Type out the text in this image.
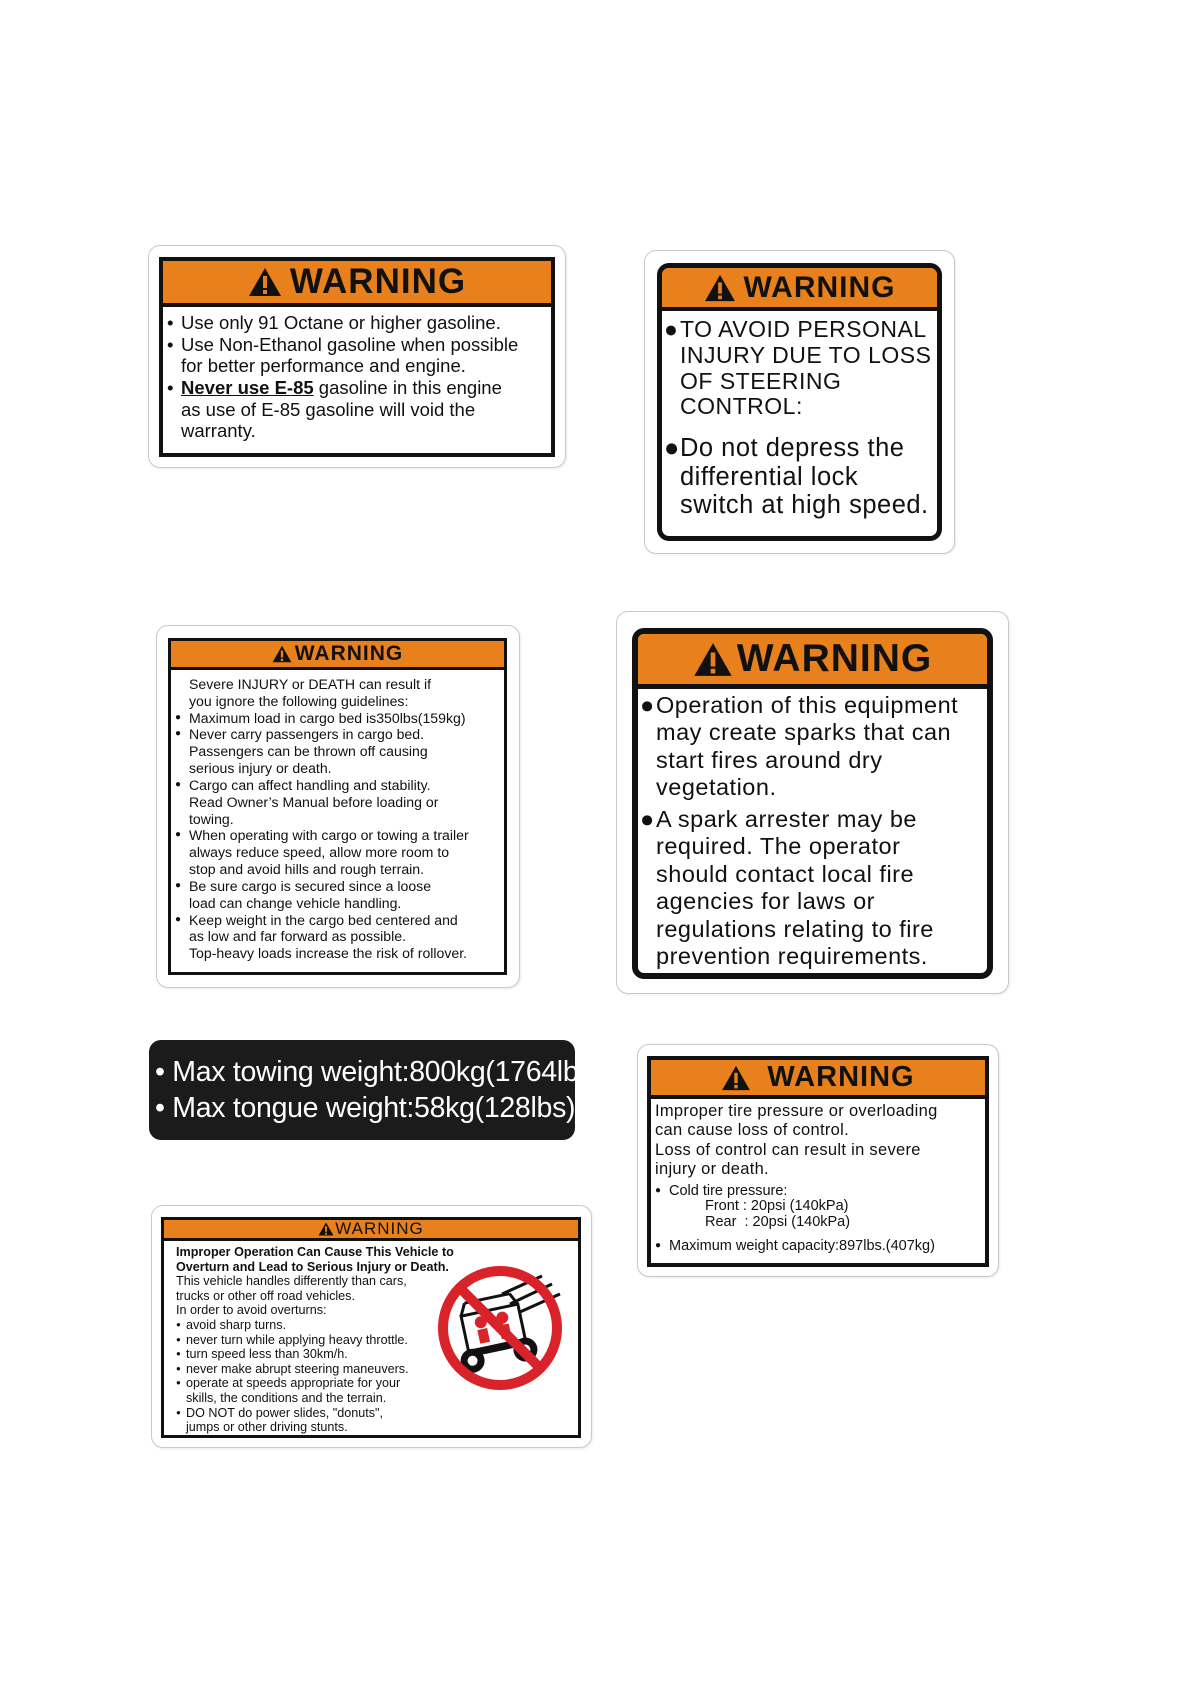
WARNING
• Use only 91 Octane or higher gasoline.
• Use Non-Ethanol gasoline when possible
for better performance and engine.
• Never use E-85 gasoline in this engine
as use of E-85 gasoline will void the
warranty.
WARNING
● TO AVOID PERSONAL
INJURY DUE TO LOSS
OF STEERING
CONTROL:
● Do not depress the
differential lock
switch at high speed.
WARNING
Severe INJURY or DEATH can result if
you ignore the following guidelines:
● Maximum load in cargo bed is350lbs(159kg)
● Never carry passengers in cargo bed.
Passengers can be thrown off causing
serious injury or death.
● Cargo can affect handling and stability.
Read Owner’s Manual before loading or
towing.
● When operating with cargo or towing a trailer
always reduce speed, allow more room to
stop and avoid hills and rough terrain.
● Be sure cargo is secured since a loose
load can change vehicle handling.
● Keep weight in the cargo bed centered and
as low and far forward as possible.
Top-heavy loads increase the risk of rollover.
WARNING
● Operation of this equipment
may create sparks that can
start fires around dry
vegetation.
● A spark arrester may be
required. The operator
should contact local fire
agencies for laws or
regulations relating to fire
prevention requirements.
• Max towing weight:800kg(1764lbs)
• Max tongue weight:58kg(128lbs)
WARNING
Improper tire pressure or overloading
can cause loss of control.
Loss of control can result in severe
injury or death.
● Cold tire pressure:
Front : 20psi (140kPa)
Rear  : 20psi (140kPa)
● Maximum weight capacity:897lbs.(407kg)
WARNING
Improper Operation Can Cause This Vehicle to
Overturn and Lead to Serious Injury or Death.
This vehicle handles differently than cars,
trucks or other off road vehicles.
In order to avoid overturns:
● avoid sharp turns.
● never turn while applying heavy throttle.
● turn speed less than 30km/h.
● never make abrupt steering maneuvers.
● operate at speeds appropriate for your
skills, the conditions and the terrain.
● DO NOT do power slides, "donuts",
jumps or other driving stunts.
